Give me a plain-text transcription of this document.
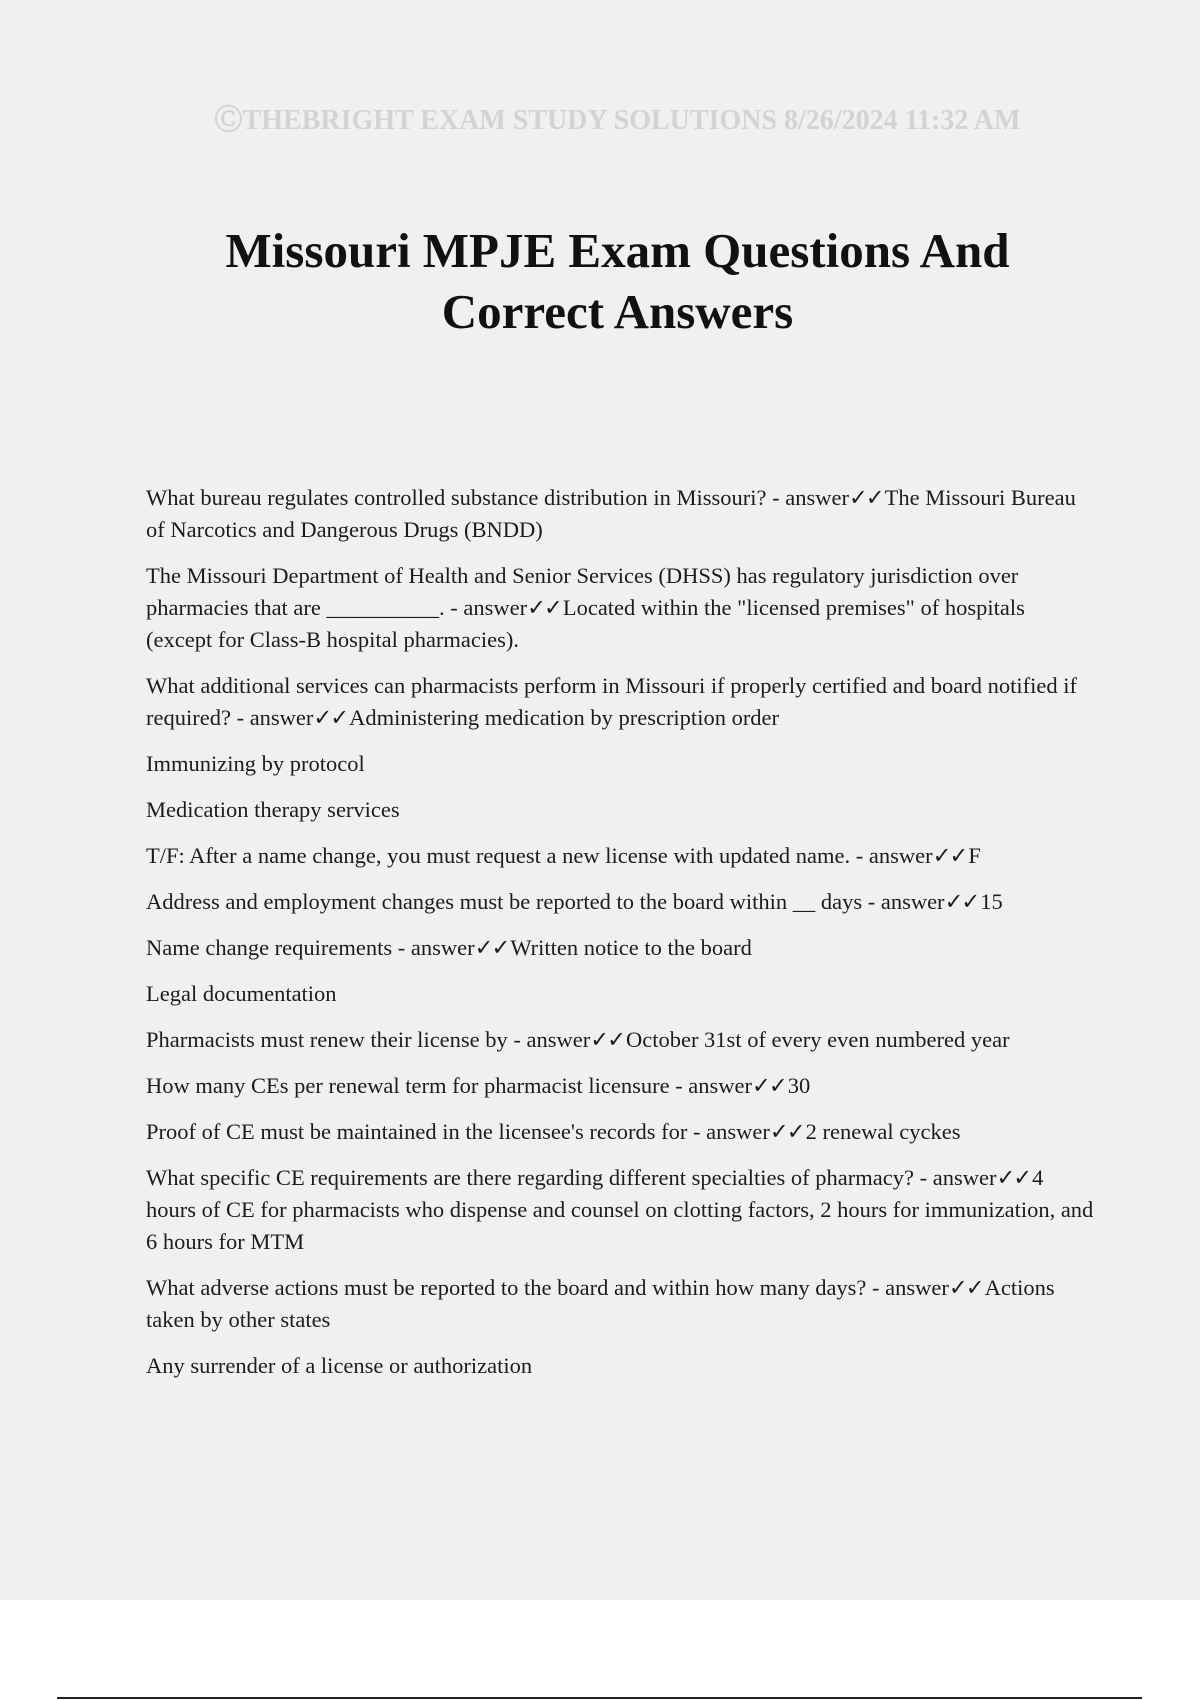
ⒸTHEBRIGHT EXAM STUDY SOLUTIONS 8/26/2024 11:32 AM
Missouri MPJE Exam Questions And
Correct Answers
What bureau regulates controlled substance distribution in Missouri? - answer✓✓The Missouri Bureau of Narcotics and Dangerous Drugs (BNDD)
The Missouri Department of Health and Senior Services (DHSS) has regulatory jurisdiction over pharmacies that are __________. - answer✓✓Located within the "licensed premises" of hospitals (except for Class-B hospital pharmacies).
What additional services can pharmacists perform in Missouri if properly certified and board notified if required? - answer✓✓Administering medication by prescription order
Immunizing by protocol
Medication therapy services
T/F: After a name change, you must request a new license with updated name. - answer✓✓F
Address and employment changes must be reported to the board within __ days - answer✓✓15
Name change requirements - answer✓✓Written notice to the board
Legal documentation
Pharmacists must renew their license by - answer✓✓October 31st of every even numbered year
How many CEs per renewal term for pharmacist licensure - answer✓✓30
Proof of CE must be maintained in the licensee's records for - answer✓✓2 renewal cyckes
What specific CE requirements are there regarding different specialties of pharmacy? - answer✓✓4 hours of CE for pharmacists who dispense and counsel on clotting factors, 2 hours for immunization, and 6 hours for MTM
What adverse actions must be reported to the board and within how many days? - answer✓✓Actions taken by other states
Any surrender of a license or authorization
